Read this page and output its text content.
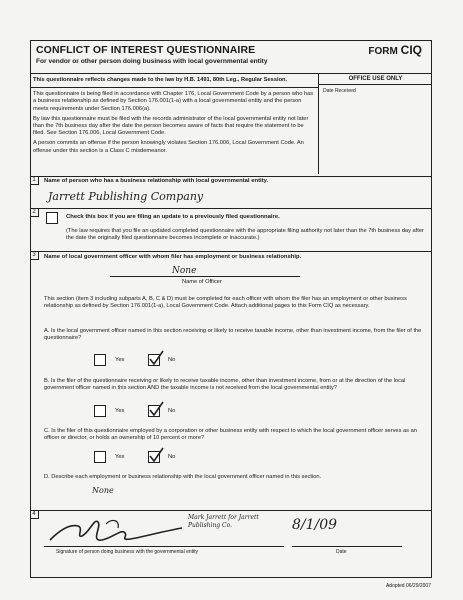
CONFLICT OF INTEREST QUESTIONNAIRE
For vendor or other person doing business with local governmental entity
FORM CIQ

This questionnaire reflects changes made to the law by H.B. 1491, 80th Leg., Regular Session.

This questionnaire is being filed in accordance with Chapter 176, Local Government Code by a person who has a business relationship as defined by Section 176.001(1-a) with a local governmental entity and the person meets requirements under Section 176.006(a).

By law this questionnaire must be filed with the records administrator of the local governmental entity not later than the 7th business day after the date the person becomes aware of facts that require the statement to be filed. See Section 176.006, Local Government Code.

A person commits an offense if the person knowingly violates Section 176.006, Local Government Code. An offense under this section is a Class C misdemeanor.

OFFICE USE ONLY
Date Received
1	Name of person who has a business relationship with local governmental entity.
Jarrett Publishing Company
2
Check this box if you are filing an update to a previously filed questionnaire.
(The law requires that you file an updated completed questionnaire with the appropriate filing authority not later than the 7th business day after the date the originally filed questionnaire becomes incomplete or inaccurate.)
3	Name of local government officer with whom filer has employment or business relationship.
None
Name of Officer
This section (item 3 including subparts A, B, C & D) must be completed for each officer with whom the filer has an employment or other business relationship as defined by Section 176.001(1-a), Local Government Code. Attach additional pages to this Form CIQ as necessary.
A. Is the local government officer named in this section receiving or likely to receive taxable income, other than investment income, from the filer of the questionnaire?
Yes	No
B. Is the filer of the questionnaire receiving or likely to receive taxable income, other than investment income, from or at the direction of the local government officer named in this section AND the taxable income is not received from the local governmental entity?
Yes	No
C. Is the filer of this questionnaire employed by a corporation or other business entity with respect to which the local government officer serves as an officer or director, or holds an ownership of 10 percent or more?
Yes	No
D. Describe each employment or business relationship with the local government officer named in this section.
None
4	Mark Jarrett for Jarrett Publishing Co.	8/1/09
Signature of person doing business with the governmental entity	Date
Adopted 06/29/2007
